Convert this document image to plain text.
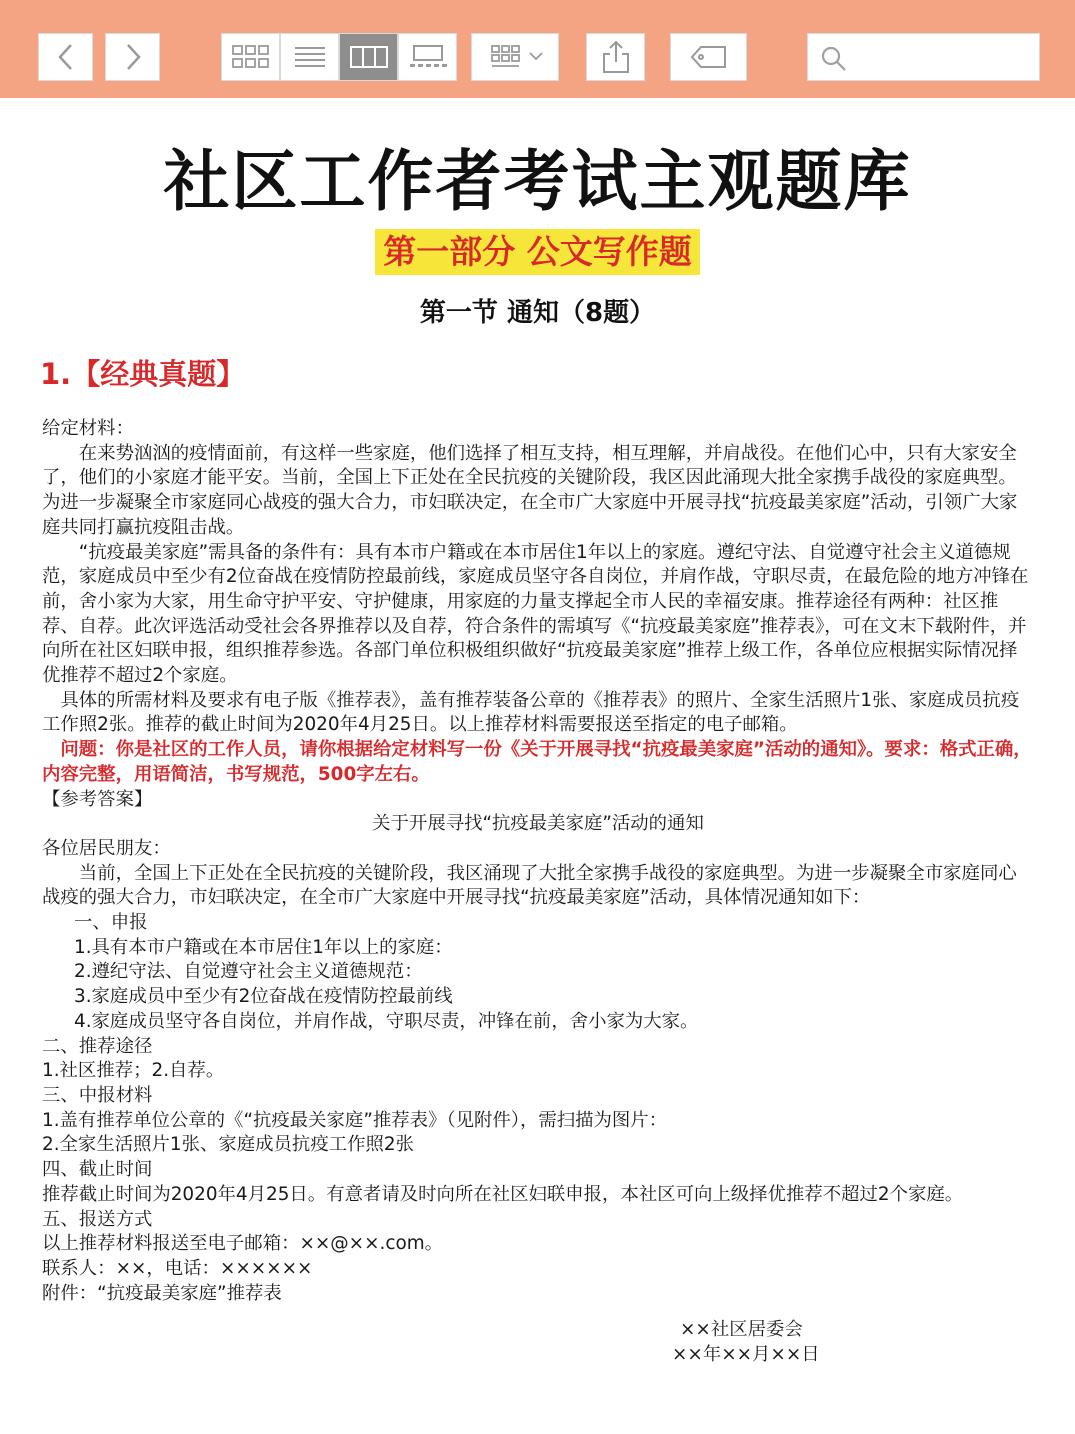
社区工作者考试主观题库
第一部分 公文写作题
第一节 通知（8题）
1.【经典真题】

给定材料：

在来势汹汹的疫情面前，有这样一些家庭，他们选择了相互支持，相互理解，并肩战役。在他们心中，只有大家安全了，他们的小家庭才能平安。当前，全国上下正处在全民抗疫的关键阶段，我区因此涌现大批全家携手战役的家庭典型。为进一步凝聚全市家庭同心战疫的强大合力，市妇联决定，在全市广大家庭中开展寻找“抗疫最美家庭”活动，引领广大家庭共同打赢抗疫阻击战。

“抗疫最美家庭”需具备的条件有：具有本市户籍或在本市居住1年以上的家庭。遵纪守法、自觉遵守社会主义道德规范，家庭成员中至少有2位奋战在疫情防控最前线，家庭成员坚守各自岗位，并肩作战，守职尽责，在最危险的地方冲锋在前，舍小家为大家，用生命守护平安、守护健康，用家庭的力量支撑起全市人民的幸福安康。推荐途径有两种：社区推荐、自荐。此次评选活动受社会各界推荐以及自荐，符合条件的需填写《“抗疫最美家庭”推荐表》，可在文末下载附件，并向所在社区妇联申报，组织推荐参选。各部门单位积极组织做好“抗疫最美家庭”推荐上级工作，各单位应根据实际情况择优推荐不超过2个家庭。

具体的所需材料及要求有电子版《推荐表》，盖有推荐装备公章的《推荐表》的照片、全家生活照片1张、家庭成员抗疫工作照2张。推荐的截止时间为2020年4月25日。以上推荐材料需要报送至指定的电子邮箱。

问题：你是社区的工作人员，请你根据给定材料写一份《关于开展寻找“抗疫最美家庭”活动的通知》。要求：格式正确，内容完整，用语简洁，书写规范，500字左右。

【参考答案】

关于开展寻找“抗疫最美家庭”活动的通知

各位居民朋友：

当前，全国上下正处在全民抗疫的关键阶段，我区涌现了大批全家携手战役的家庭典型。为进一步凝聚全市家庭同心战疫的强大合力，市妇联决定，在全市广大家庭中开展寻找“抗疫最美家庭”活动，具体情况通知如下：

一、申报

1.具有本市户籍或在本市居住1年以上的家庭：

2.遵纪守法、自觉遵守社会主义道德规范：

3.家庭成员中至少有2位奋战在疫情防控最前线

4.家庭成员坚守各自岗位，并肩作战，守职尽责，冲锋在前，舍小家为大家。

二、推荐途径

1.社区推荐；2.自荐。

三、中报材料

1.盖有推荐单位公章的《“抗疫最关家庭”推荐表》（见附件），需扫描为图片：

2.全家生活照片1张、家庭成员抗疫工作照2张

四、截止时间

推荐截止时间为2020年4月25日。有意者请及时向所在社区妇联申报，本社区可向上级择优推荐不超过2个家庭。

五、报送方式

以上推荐材料报送至电子邮箱：××@××.com。

联系人：××，电话：××××××

附件：“抗疫最美家庭”推荐表

××社区居委会

××年××月××日
